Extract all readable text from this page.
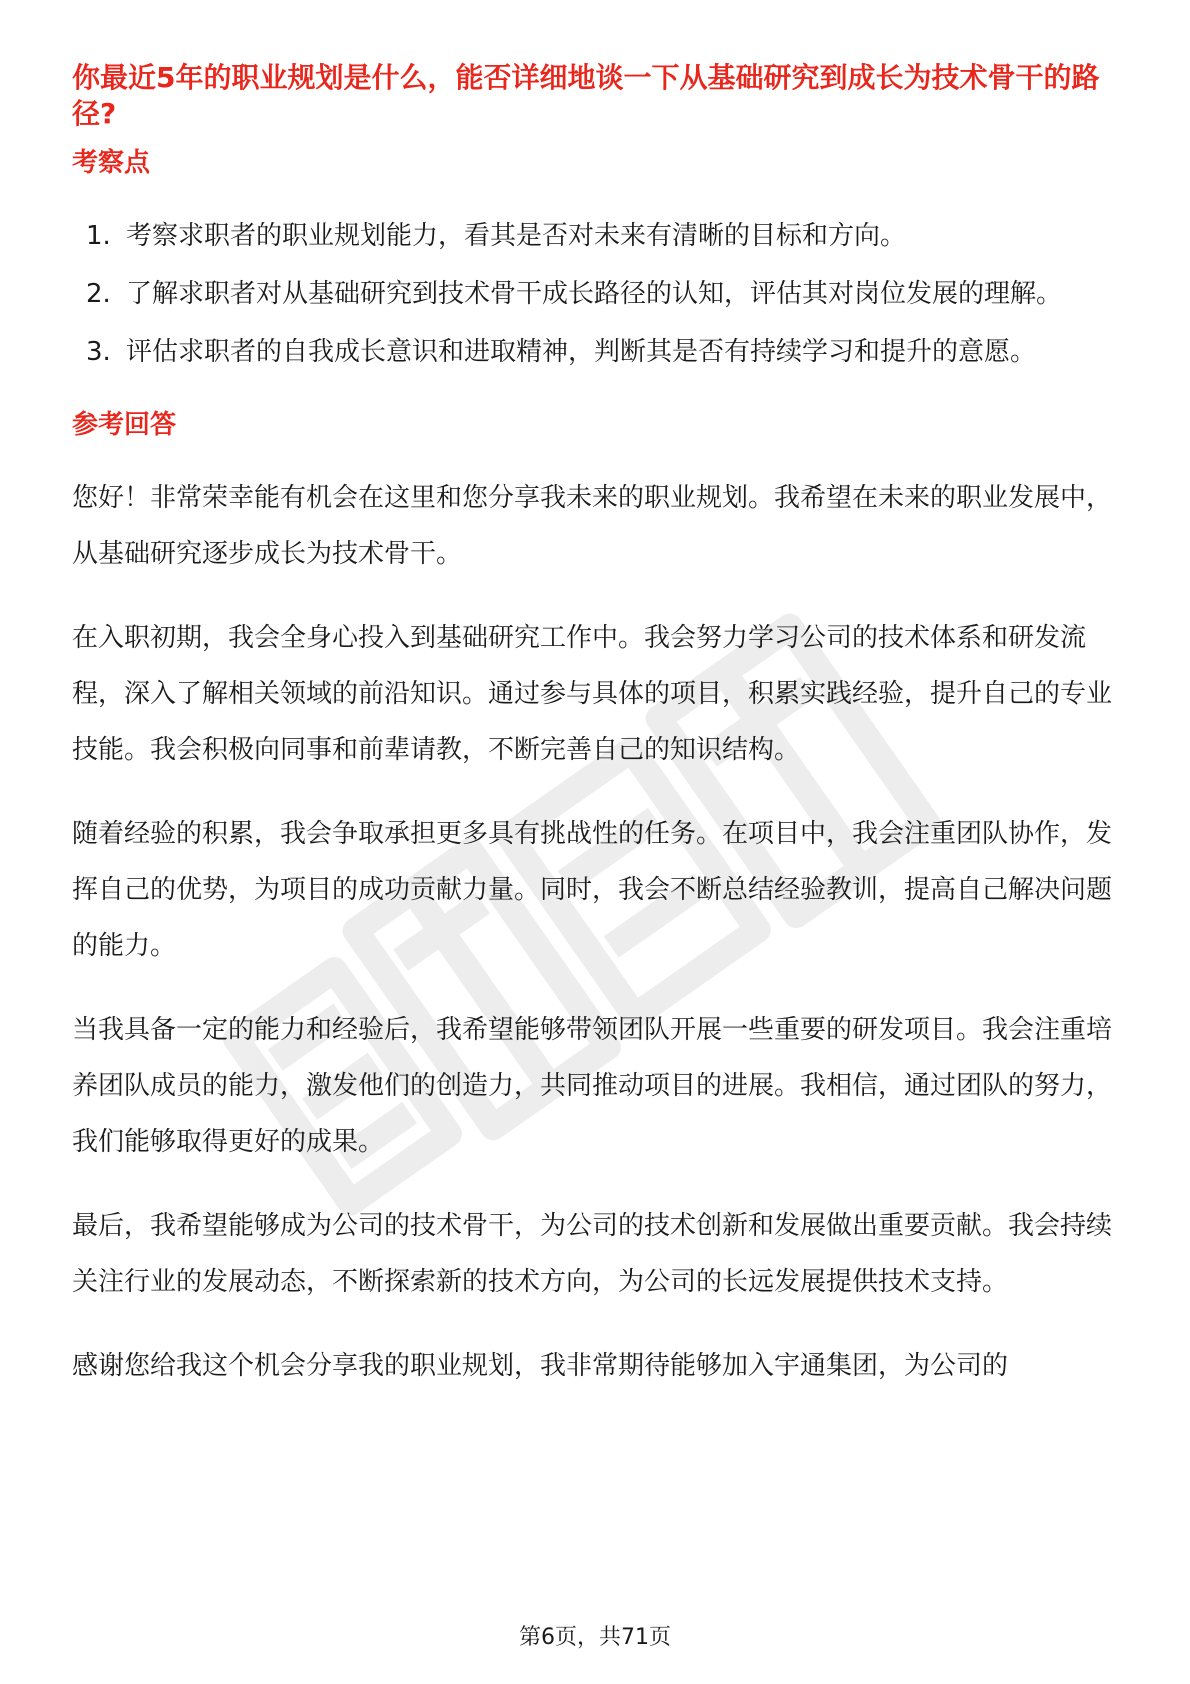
你最近5年的职业规划是什么，能否详细地谈一下从基础研究到成长为技术骨干的路径?
考察点
1. 考察求职者的职业规划能力，看其是否对未来有清晰的目标和方向。
2. 了解求职者对从基础研究到技术骨干成长路径的认知，评估其对岗位发展的理解。
3. 评估求职者的自我成长意识和进取精神，判断其是否有持续学习和提升的意愿。
参考回答

您好！非常荣幸能有机会在这里和您分享我未来的职业规划。我希望在未来的职业发展中，从基础研究逐步成长为技术骨干。

在入职初期，我会全身心投入到基础研究工作中。我会努力学习公司的技术体系和研发流程，深入了解相关领域的前沿知识。通过参与具体的项目，积累实践经验，提升自己的专业技能。我会积极向同事和前辈请教，不断完善自己的知识结构。

随着经验的积累，我会争取承担更多具有挑战性的任务。在项目中，我会注重团队协作，发挥自己的优势，为项目的成功贡献力量。同时，我会不断总结经验教训，提高自己解决问题的能力。

当我具备一定的能力和经验后，我希望能够带领团队开展一些重要的研发项目。我会注重培养团队成员的能力，激发他们的创造力，共同推动项目的进展。我相信，通过团队的努力，我们能够取得更好的成果。

最后，我希望能够成为公司的技术骨干，为公司的技术创新和发展做出重要贡献。我会持续关注行业的发展动态，不断探索新的技术方向，为公司的长远发展提供技术支持。

感谢您给我这个机会分享我的职业规划，我非常期待能够加入宇通集团，为公司的

第6页，共71页
